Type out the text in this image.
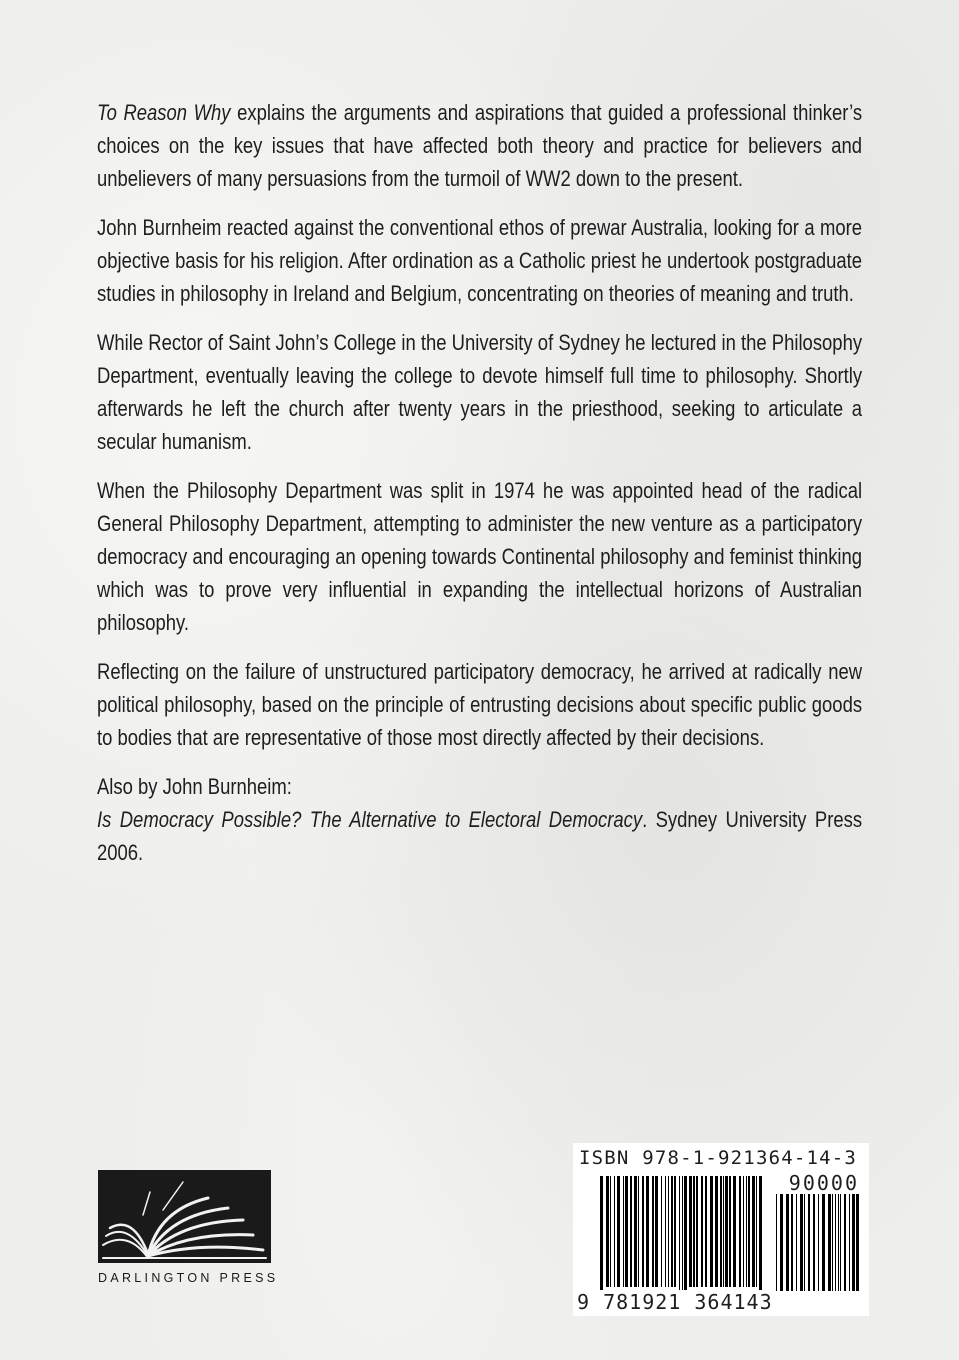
To Reason Why explains the arguments and aspirations that guided a professional thinker’s choices on the key issues that have affected both theory and practice for believers and unbelievers of many persuasions from the turmoil of WW2 down to the present.

John Burnheim reacted against the conventional ethos of prewar Australia, looking for a more objective basis for his religion. After ordination as a Catholic priest he undertook postgraduate studies in philosophy in Ireland and Belgium, concentrating on theories of meaning and truth.

While Rector of Saint John’s College in the University of Sydney he lectured in the Philosophy Department, eventually leaving the college to devote himself full time to philosophy. Shortly afterwards he left the church after twenty years in the priesthood, seeking to articulate a secular humanism.

When the Philosophy Department was split in 1974 he was appointed head of the radical General Philosophy Department, attempting to administer the new venture as a participatory democracy and encouraging an opening towards Continental philosophy and feminist thinking which was to prove very influential in expanding the intellectual horizons of Australian philosophy.

Reflecting on the failure of unstructured participatory democracy, he arrived at radically new political philosophy, based on the principle of entrusting decisions about specific public goods to bodies that are representative of those most directly affected by their decisions.

Also by John Burnheim:
Is Democracy Possible? The Alternative to Electoral Democracy. Sydney University Press 2006.

DARLINGTON PRESS
ISBN 978-1-921364-14-3
90000
9 781921 364143
